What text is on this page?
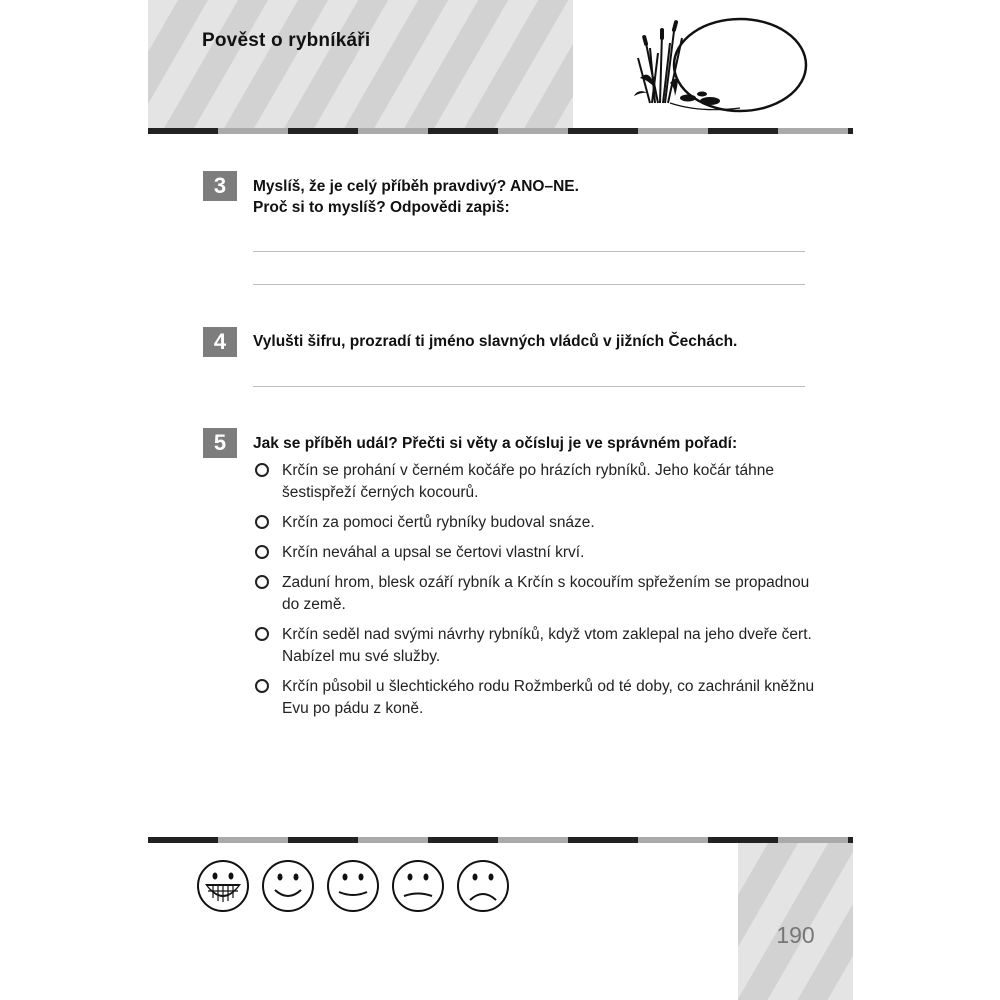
Pověst o rybníkáři
3	Myslíš, že je celý příběh pravdivý? ANO–NE.
Proč si to myslíš? Odpovědi zapiš:
4	Vylušti šifru, prozradí ti jméno slavných vládců v jižních Čechách.
5	Jak se příběh udál? Přečti si věty a očísluj je ve správném pořadí:
Krčín se prohání v černém kočáře po hrázích rybníků. Jeho kočár táhne šestispřeží černých kocourů.
Krčín za pomoci čertů rybníky budoval snáze.
Krčín neváhal a upsal se čertovi vlastní krví.
Zaduní hrom, blesk ozáří rybník a Krčín s kocouřím spřežením se propadnou do země.
Krčín seděl nad svými návrhy rybníků, když vtom zaklepal na jeho dveře čert. Nabízel mu své služby.
Krčín působil u šlechtického rodu Rožmberků od té doby, co zachránil kněžnu Evu po pádu z koně.
190
